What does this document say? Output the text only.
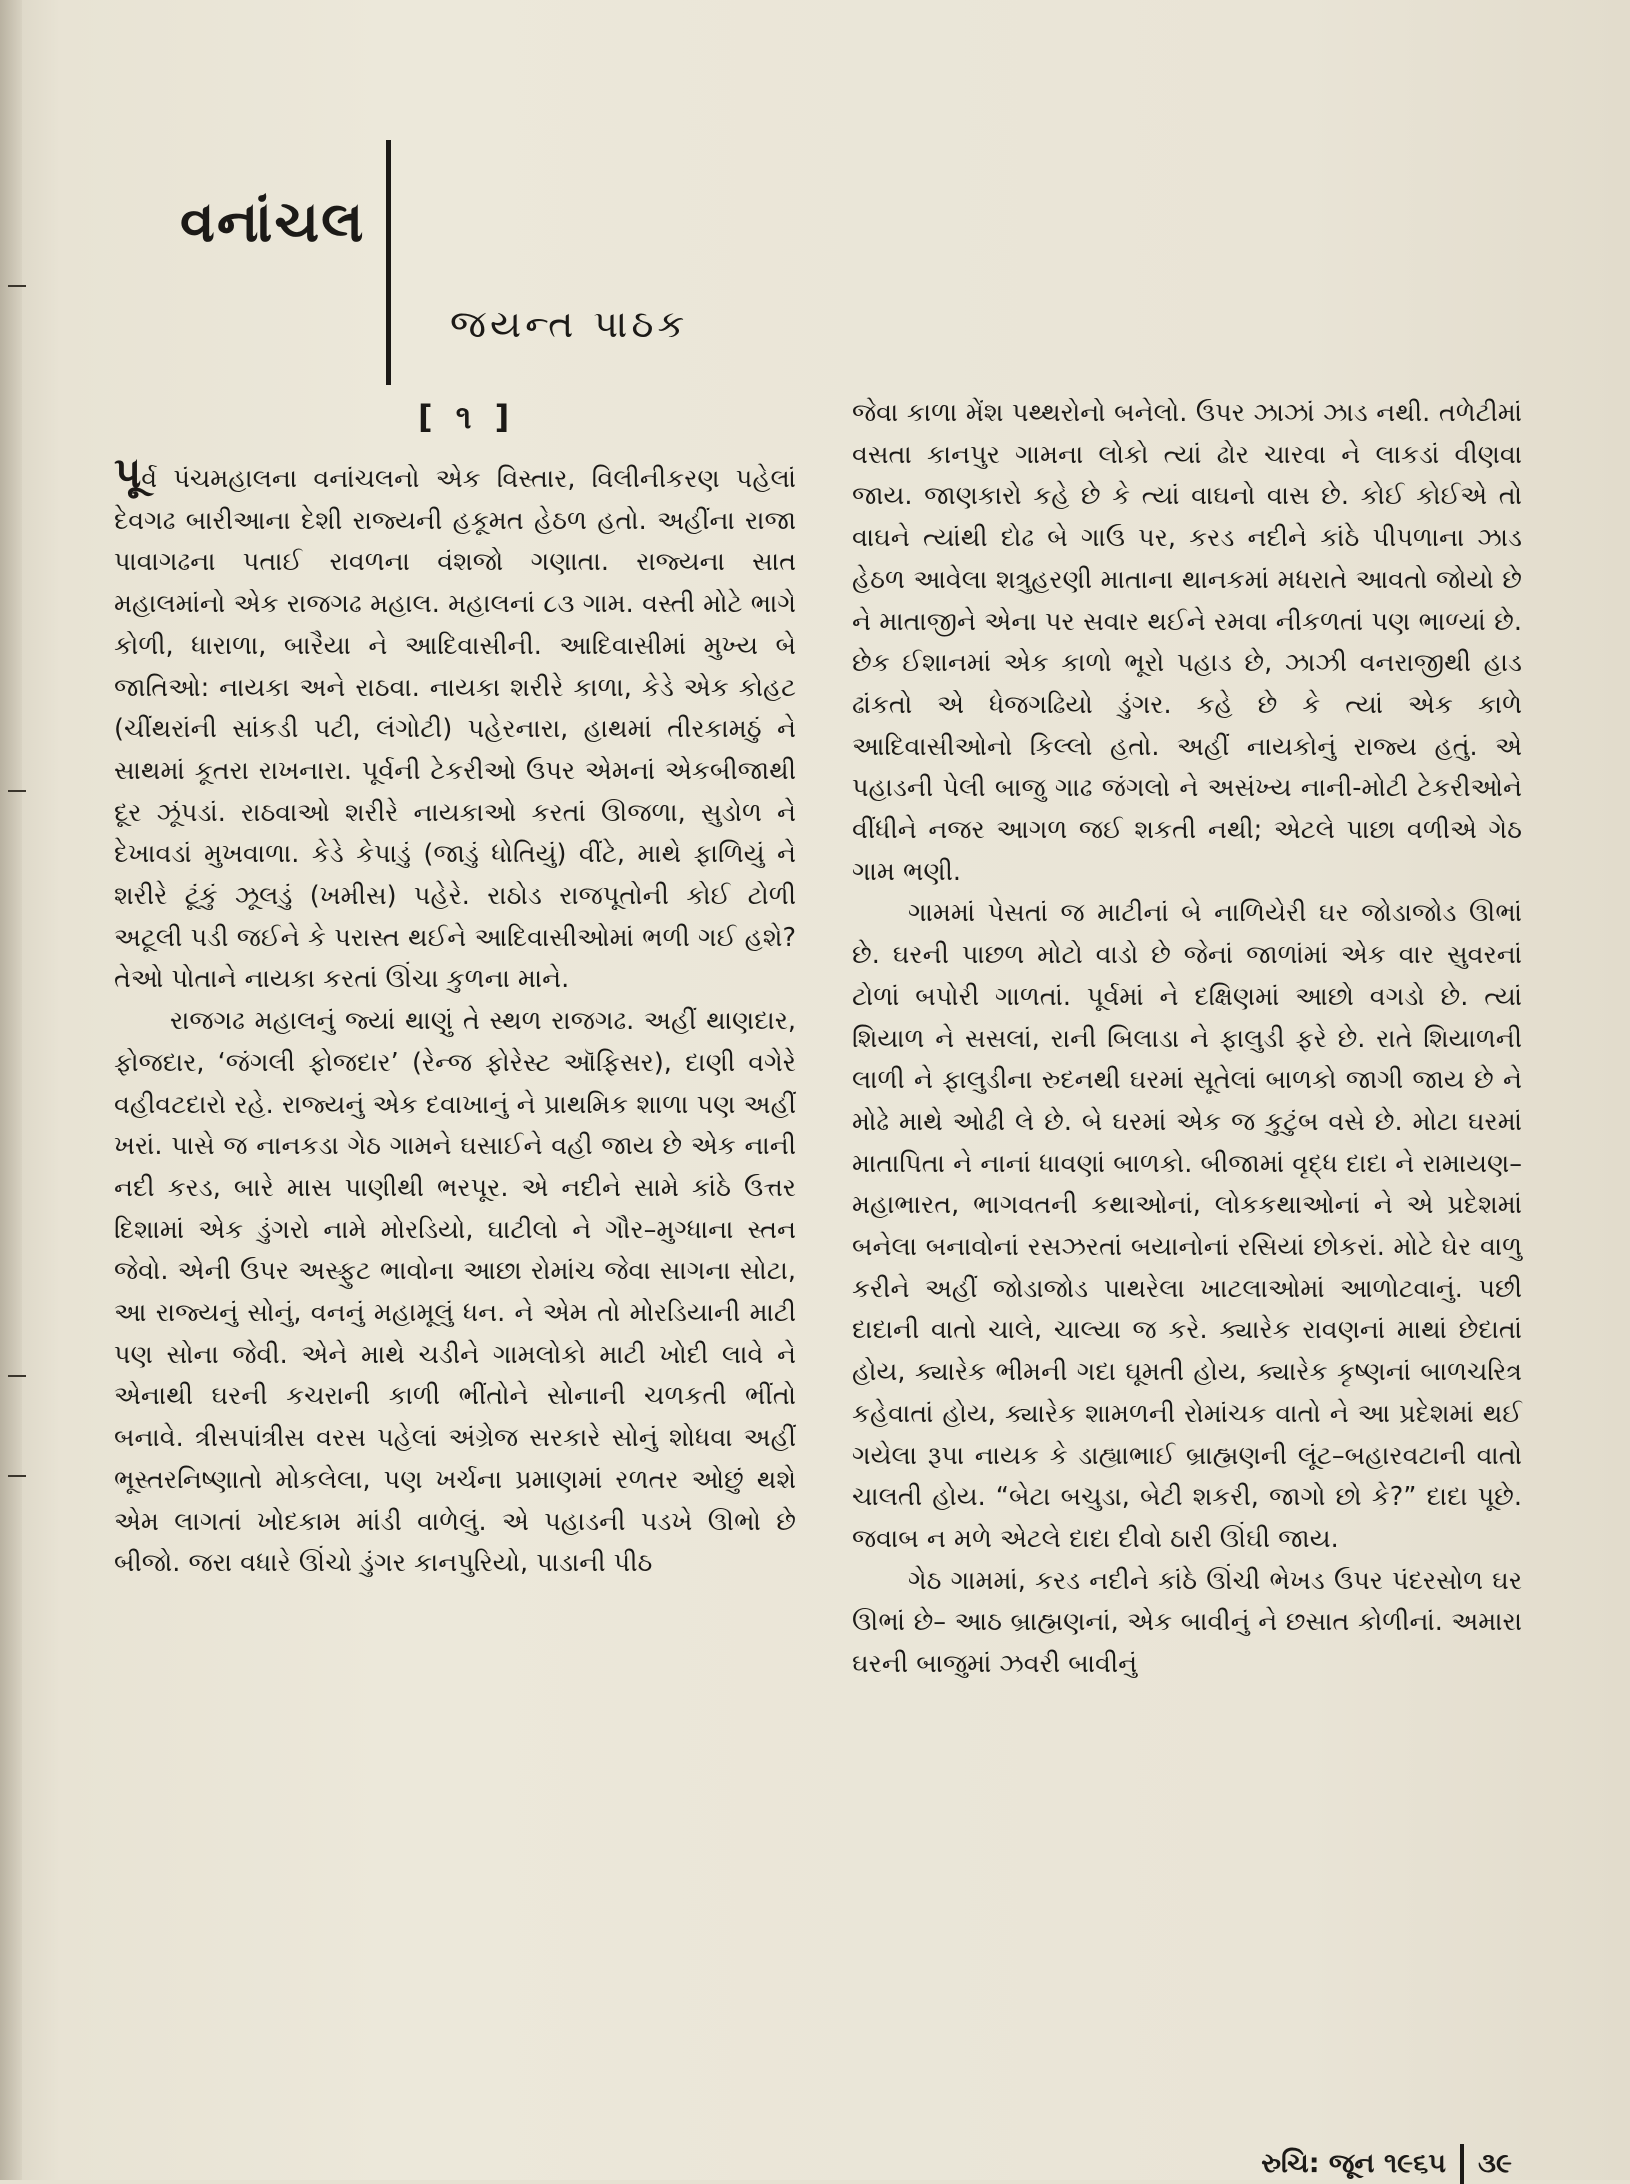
વનાંચલ
જયન્ત પાઠક
[ ૧ ]

પૂર્વ પંચમહાલના વનાંચલનો એક વિસ્તાર, વિલીનીકરણ પહેલાં દેવગઢ બારીઆના દેશી રાજ્યની હકૂમત હેઠળ હતો. અહીંના રાજા પાવાગઢના પતાઈ રાવળના વંશજો ગણાતા. રાજ્યના સાત મહાલમાંનો એક રાજગઢ મહાલ. મહાલનાં ૮૩ ગામ. વસ્તી મોટે ભાગે કોળી, ધારાળા, બારૈયા ને આદિવાસીની. આદિવાસીમાં મુખ્ય બે જાતિઓ: નાયકા અને રાઠવા. નાયકા શરીરે કાળા, કેડે એક કોહટ (ચીંથરાંની સાંકડી પટી, લંગોટી) પહેરનારા, હાથમાં તીરકામઠું ને સાથમાં કૂતરા રાખનારા. પૂર્વની ટેકરીઓ ઉપર એમનાં એકબીજાથી દૂર ઝૂંપડાં. રાઠવાઓ શરીરે નાયકાઓ કરતાં ઊજળા, સુડોળ ને દેખાવડાં મુખવાળા. કેડે કેપાડું (જાડું ધોતિયું) વીંટે, માથે ફાળિયું ને શરીરે ટૂંકું ઝૂલડું (ખમીસ) પહેરે. રાઠોડ રાજપૂતોની કોઈ ટોળી અટૂલી પડી જઈને કે પરાસ્ત થઈને આદિવાસીઓમાં ભળી ગઈ હશે? તેઓ પોતાને નાયકા કરતાં ઊંચા કુળના માને.

રાજગઢ મહાલનું જ્યાં થાણું તે સ્થળ રાજગઢ. અહીં થાણદાર, ફોજદાર, ‘જંગલી ફોજદાર’ (રેન્જ ફોરેસ્ટ ઑફિસર), દાણી વગેરે વહીવટદારો રહે. રાજ્યનું એક દવાખાનું ને પ્રાથમિક શાળા પણ અહીં ખરાં. પાસે જ નાનકડા ગેઠ ગામને ઘસાઈને વહી જાય છે એક નાની નદી કરડ, બારે માસ પાણીથી ભરપૂર. એ નદીને સામે કાંઠે ઉત્તર દિશામાં એક ડુંગરો નામે મોરડિયો, ઘાટીલો ને ગૌર–મુગ્ધાના સ્તન જેવો. એની ઉપર અસ્ફુટ ભાવોના આછા રોમાંચ જેવા સાગના સોટા, આ રાજ્યનું સોનું, વનનું મહામૂલું ધન. ને એમ તો મોરડિયાની માટી પણ સોના જેવી. એને માથે ચડીને ગામલોકો માટી ખોદી લાવે ને એનાથી ઘરની કચરાની કાળી ભીંતોને સોનાની ચળકતી ભીંતો બનાવે. ત્રીસપાંત્રીસ વરસ પહેલાં અંગ્રેજ સરકારે સોનું શોધવા અહીં ભૂસ્તરનિષ્ણાતો મોકલેલા, પણ ખર્ચના પ્રમાણમાં રળતર ઓછું થશે એમ લાગતાં ખોદકામ માંડી વાળેલું. એ પહાડની પડખે ઊભો છે બીજો. જરા વધારે ઊંચો ડુંગર કાનપુરિયો, પાડાની પીઠ

જેવા કાળા મેંશ પથ્થરોનો બનેલો. ઉપર ઝાઝાં ઝાડ નથી. તળેટીમાં વસતા કાનપુર ગામના લોકો ત્યાં ઢોર ચારવા ને લાકડાં વીણવા જાય. જાણકારો કહે છે કે ત્યાં વાઘનો વાસ છે. કોઈ કોઈએ તો વાઘને ત્યાંથી દોઢ બે ગાઉ પર, કરડ નદીને કાંઠે પીપળાના ઝાડ હેઠળ આવેલા શત્રુહરણી માતાના થાનકમાં મધરાતે આવતો જોયો છે ને માતાજીને એના પર સવાર થઈને રમવા નીકળતાં પણ ભાળ્યાં છે. છેક ઈશાનમાં એક કાળો ભૂરો પહાડ છે, ઝાઝી વનરાજીથી હાડ ઢાંકતો એ ધેજગઢિયો ડુંગર. કહે છે કે ત્યાં એક કાળે આદિવાસીઓનો કિલ્લો હતો. અહીં નાયકોનું રાજ્ય હતું. એ પહાડની પેલી બાજુ ગાઢ જંગલો ને અસંખ્ય નાની-મોટી ટેકરીઓને વીંધીને નજર આગળ જઈ શકતી નથી; એટલે પાછા વળીએ ગેઠ ગામ ભણી.

ગામમાં પેસતાં જ માટીનાં બે નાળિયેરી ઘર જોડાજોડ ઊભાં છે. ઘરની પાછળ મોટો વાડો છે જેનાં જાળાંમાં એક વાર સુવરનાં ટોળાં બપોરી ગાળતાં. પૂર્વમાં ને દક્ષિણમાં આછો વગડો છે. ત્યાં શિયાળ ને સસલાં, રાની બિલાડા ને ફાલુડી ફરે છે. રાતે શિયાળની લાળી ને ફાલુડીના રુદનથી ઘરમાં સૂતેલાં બાળકો જાગી જાય છે ને મોઢે માથે ઓઢી લે છે. બે ઘરમાં એક જ કુટુંબ વસે છે. મોટા ઘરમાં માતાપિતા ને નાનાં ધાવણાં બાળકો. બીજામાં વૃદ્ધ દાદા ને રામાયણ–મહાભારત, ભાગવતની કથાઓનાં, લોકકથાઓનાં ને એ પ્રદેશમાં બનેલા બનાવોનાં રસઝરતાં બયાનોનાં રસિયાં છોકરાં. મોટે ઘેર વાળુ કરીને અહીં જોડાજોડ પાથરેલા ખાટલાઓમાં આળોટવાનું. પછી દાદાની વાતો ચાલે, ચાલ્યા જ કરે. ક્યારેક રાવણનાં માથાં છેદાતાં હોય, ક્યારેક ભીમની ગદા ઘૂમતી હોય, ક્યારેક કૃષ્ણનાં બાળચરિત્ર કહેવાતાં હોય, ક્યારેક શામળની રોમાંચક વાતો ને આ પ્રદેશમાં થઈ ગયેલા રૂપા નાયક કે ડાહ્યાભાઈ બ્રાહ્મણની લૂંટ–બહારવટાની વાતો ચાલતી હોય. “બેટા બચુડા, બેટી શકરી, જાગો છો કે?” દાદા પૂછે. જવાબ ન મળે એટલે દાદા દીવો ઠારી ઊંઘી જાય.

ગેઠ ગામમાં, કરડ નદીને કાંઠે ઊંચી ભેખડ ઉપર પંદરસોળ ઘર ઊભાં છે– આઠ બ્રાહ્મણનાં, એક બાવીનું ને છસાત કોળીનાં. અમારા ઘરની બાજુમાં ઝવરી બાવીનું

રુચિ: જૂન ૧૯૬૫ ૩૯
